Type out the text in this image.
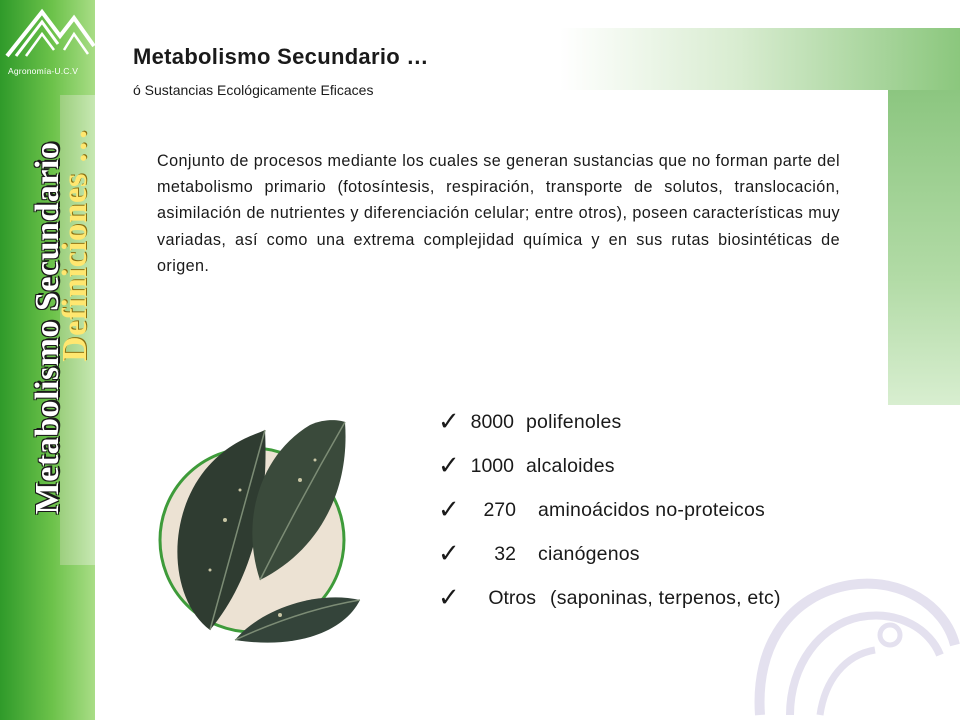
Agronomía-U.C.V
Definiciones …
Metabolismo Secundario
Metabolismo Secundario …
ó Sustancias Ecológicamente Eficaces
Conjunto de procesos mediante los cuales se generan sustancias que no forman parte del metabolismo primario (fotosíntesis, respiración, transporte de solutos, translocación, asimilación de nutrientes y diferenciación celular; entre otros), poseen características muy variadas, así como una extrema complejidad química y en sus rutas biosintéticas de origen.
✓ 8000 polifenoles
✓ 1000 alcaloides
✓	270 aminoácidos no-proteicos
✓	32 cianógenos
✓	Otros (saponinas, terpenos, etc)
